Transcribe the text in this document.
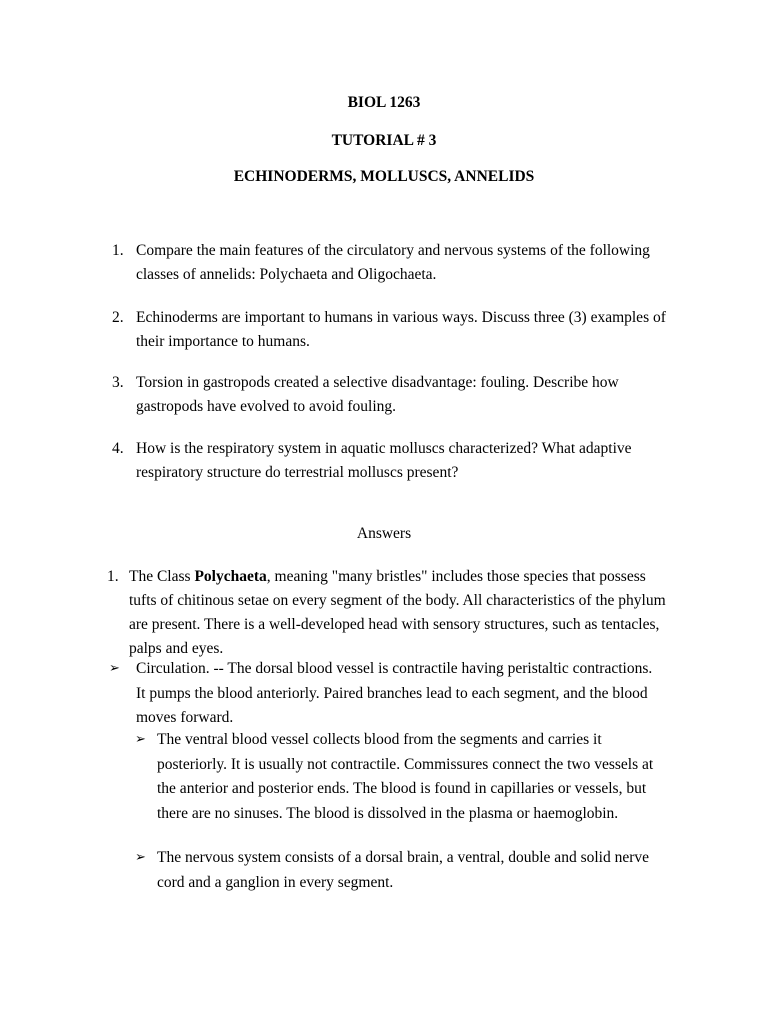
BIOL 1263
TUTORIAL # 3
ECHINODERMS, MOLLUSCS, ANNELIDS
1. Compare the main features of the circulatory and nervous systems of the following classes of annelids: Polychaeta and Oligochaeta.
2. Echinoderms are important to humans in various ways. Discuss three (3) examples of their importance to humans.
3. Torsion in gastropods created a selective disadvantage: fouling. Describe how gastropods have evolved to avoid fouling.
4. How is the respiratory system in aquatic molluscs characterized? What adaptive respiratory structure do terrestrial molluscs present?
Answers
1. The Class Polychaeta, meaning "many bristles" includes those species that possess tufts of chitinous setae on every segment of the body. All characteristics of the phylum are present. There is a well-developed head with sensory structures, such as tentacles, palps and eyes.
➢	Circulation. -- The dorsal blood vessel is contractile having peristaltic contractions. It pumps the blood anteriorly. Paired branches lead to each segment, and the blood moves forward.
➢ The ventral blood vessel collects blood from the segments and carries it posteriorly. It is usually not contractile. Commissures connect the two vessels at the anterior and posterior ends. The blood is found in capillaries or vessels, but there are no sinuses. The blood is dissolved in the plasma or haemoglobin.
➢ The nervous system consists of a dorsal brain, a ventral, double and solid nerve cord and a ganglion in every segment.
